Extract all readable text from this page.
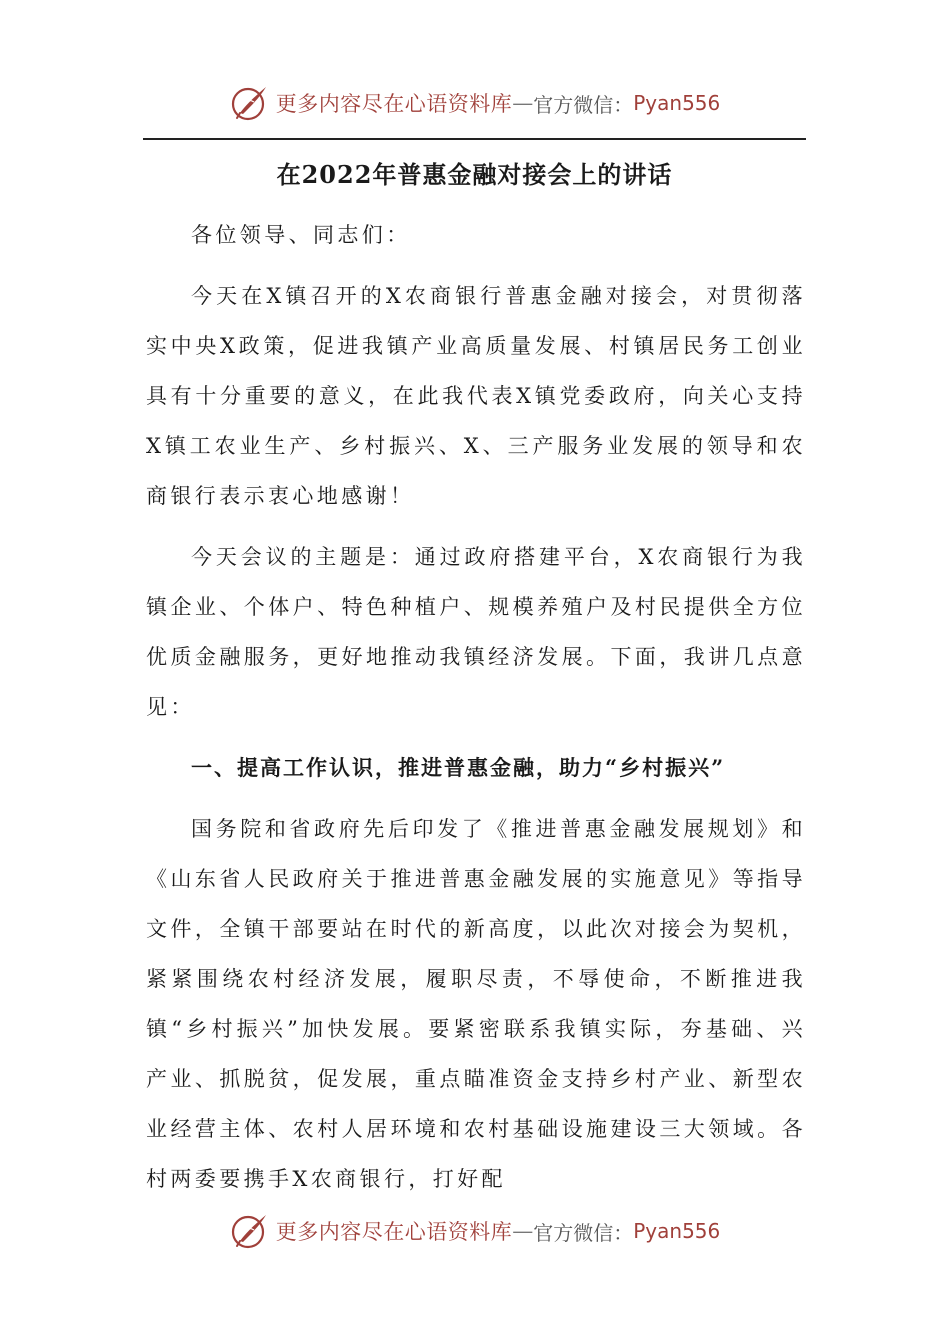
更多内容尽在心语资料库 — 官方微信： Pyan556
在2022年普惠金融对接会上的讲话

各位领导、同志们：

今天在X镇召开的X农商银行普惠金融对接会，对贯彻落实中央X政策，促进我镇产业高质量发展、村镇居民务工创业具有十分重要的意义，在此我代表X镇党委政府，向关心支持X镇工农业生产、乡村振兴、X、三产服务业发展的领导和农商银行表示衷心地感谢！

今天会议的主题是：通过政府搭建平台，X农商银行为我镇企业、个体户、特色种植户、规模养殖户及村民提供全方位优质金融服务，更好地推动我镇经济发展。下面，我讲几点意见：

一、提高工作认识，推进普惠金融，助力“乡村振兴”

国务院和省政府先后印发了《推进普惠金融发展规划》和《山东省人民政府关于推进普惠金融发展的实施意见》等指导文件，全镇干部要站在时代的新高度，以此次对接会为契机，紧紧围绕农村经济发展，履职尽责，不辱使命，不断推进我镇“乡村振兴”加快发展。要紧密联系我镇实际，夯基础、兴产业、抓脱贫，促发展，重点瞄准资金支持乡村产业、新型农业经营主体、农村人居环境和农村基础设施建设三大领域。各村两委要携手X农商银行，打好配

更多内容尽在心语资料库 — 官方微信： Pyan556
